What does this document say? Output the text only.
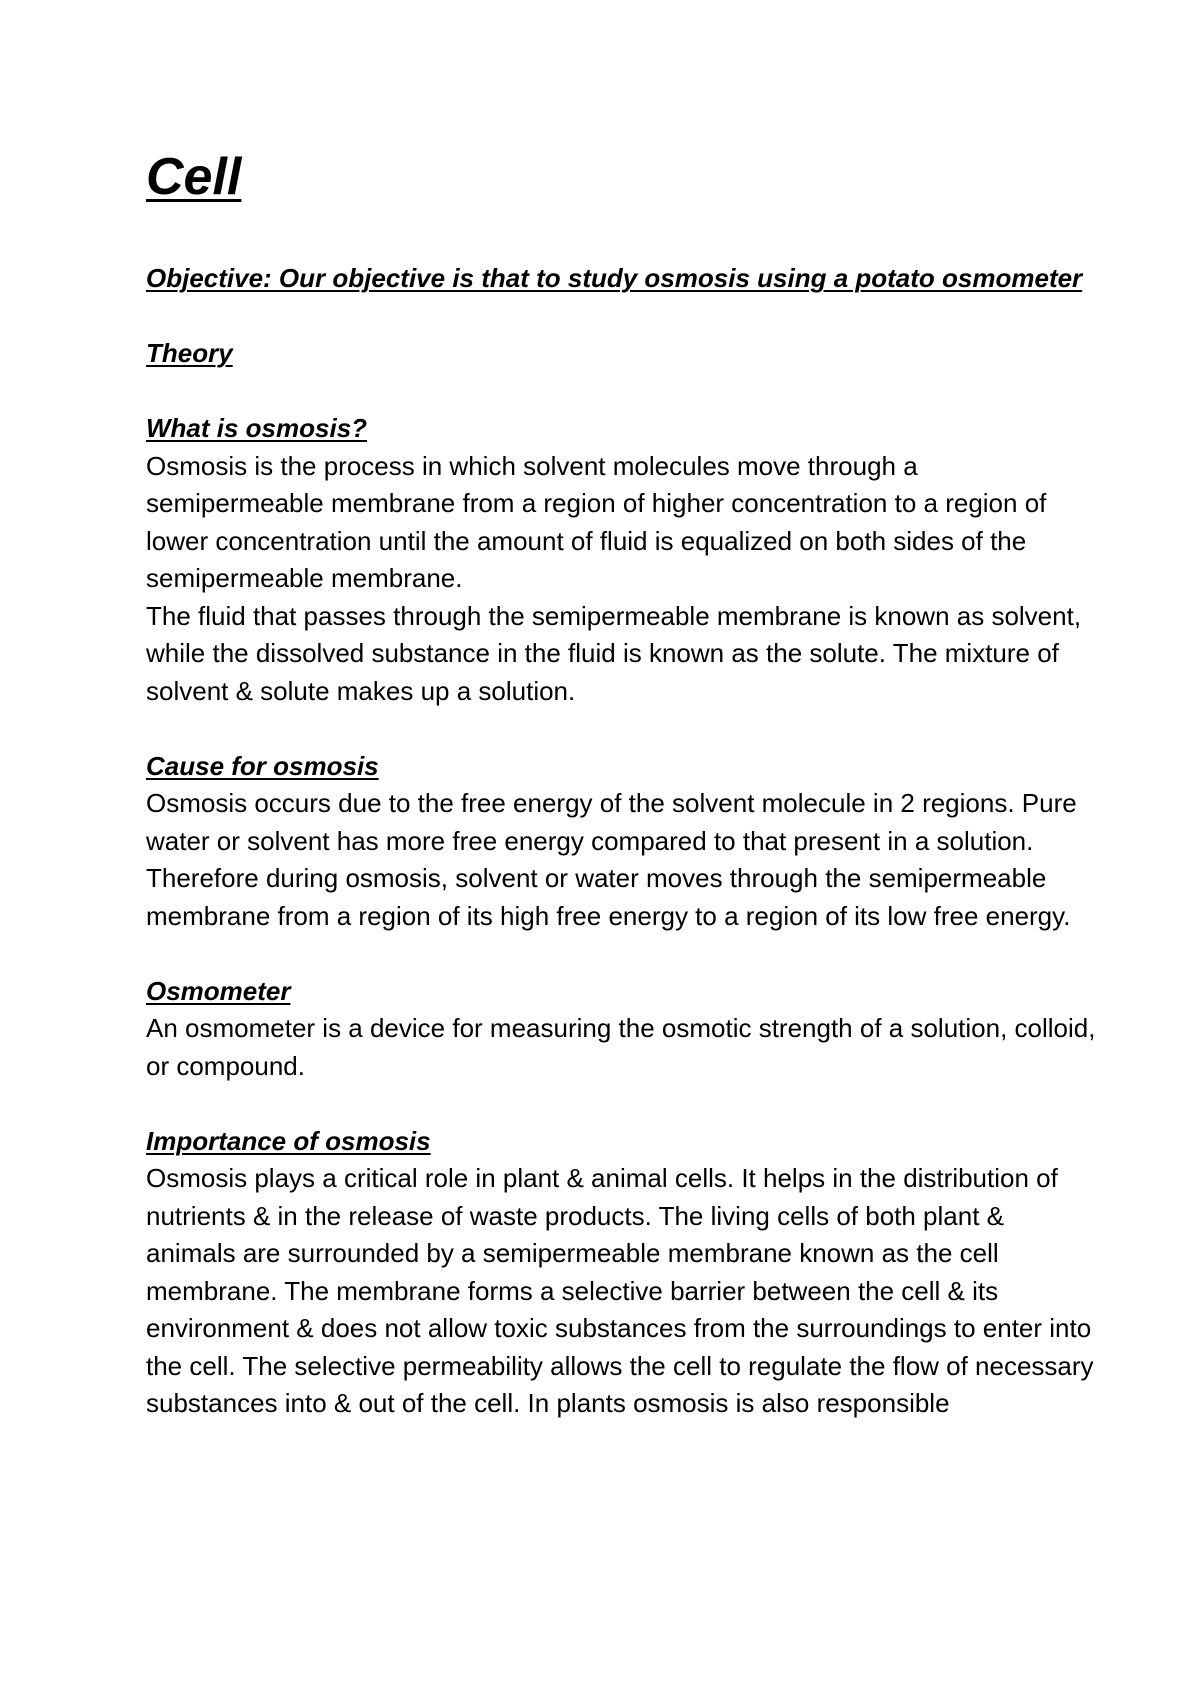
Cell

Objective: Our objective is that to study osmosis using a potato osmometer

Theory

What is osmosis?

Osmosis is the process in which solvent molecules move through a semipermeable membrane from a region of higher concentration to a region of lower concentration until the amount of fluid is equalized on both sides of the semipermeable membrane.

The fluid that passes through the semipermeable membrane is known as solvent, while the dissolved substance in the fluid is known as the solute. The mixture of solvent & solute makes up a solution.

Cause for osmosis

Osmosis occurs due to the free energy of the solvent molecule in 2 regions. Pure water or solvent has more free energy compared to that present in a solution. Therefore during osmosis, solvent or water moves through the semipermeable membrane from a region of its high free energy to a region of its low free energy.

Osmometer

An osmometer is a device for measuring the osmotic strength of a solution, colloid, or compound.

Importance of osmosis

Osmosis plays a critical role in plant & animal cells. It helps in the distribution of nutrients & in the release of waste products. The living cells of both plant & animals are surrounded by a semipermeable membrane known as the cell membrane. The membrane forms a selective barrier between the cell & its environment & does not allow toxic substances from the surroundings to enter into the cell. The selective permeability allows the cell to regulate the flow of necessary substances into & out of the cell. In plants osmosis is also responsible
